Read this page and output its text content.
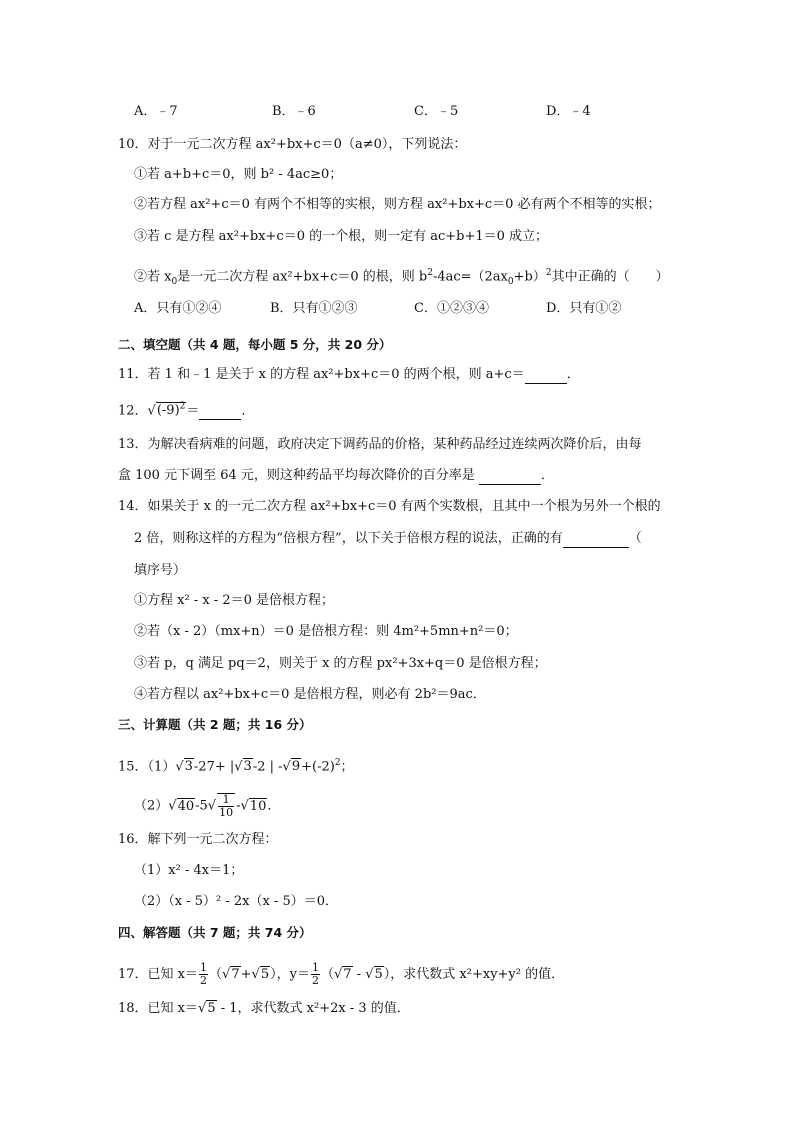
A．﹣7	B．﹣6	C．﹣5	D．﹣4
10．对于一元二次方程 ax²+bx+c＝0（a≠0），下列说法：
①若 a+b+c＝0，则 b² - 4ac≥0；
②若方程 ax²+c＝0 有两个不相等的实根，则方程 ax²+bx+c＝0 必有两个不相等的实根；
③若 c 是方程 ax²+bx+c＝0 的一个根，则一定有 ac+b+1＝0 成立；
②若 $x_0$是一元二次方程 ax²+bx+c＝0 的根，则 $b^2-4ac=(2ax_0+b)^2$其中正确的（　　）
A．只有①②④	B．只有①②③	C．①②③④	D．只有①②
二、填空题（共 4 题，每小题 5 分，共 20 分）
11．若 1 和﹣1 是关于 x 的方程 ax²+bx+c＝0 的两个根，则 a+c＝	．
12．$√(-9)^2=$	．
13．为解决看病难的问题，政府决定下调药品的价格，某种药品经过连续两次降价后，由每
盒 100 元下调至 64 元，则这种药品平均每次降价的百分率是	．
14．如果关于 x 的一元二次方程 ax²+bx+c＝0 有两个实数根，且其中一个根为另外一个根的
2 倍，则称这样的方程为“倍根方程”，以下关于倍根方程的说法，正确的有	（
填序号）
①方程 x² - x - 2＝0 是倍根方程；
②若（x - 2）（mx+n）＝0 是倍根方程：则 4m²+5mn+n²＝0；
③若 p，q 满足 pq＝2，则关于 x 的方程 px²+3x+q＝0 是倍根方程；
④若方程以 ax²+bx+c＝0 是倍根方程，则必有 2b²＝9ac．
三、计算题（共 2 题；共 16 分）
15．（1）√3-27+ |√3-2 | $-√9+(-2)^2$；
$(2)√40-5√ \frac{1}{10} -√10$．
16．解下列一元二次方程：
（1）x² - 4x＝1；
（2）（x - 5）² - 2x（x - 5）＝0．
四、解答题（共 7 题；共 74 分）
17．已知 $x= \frac{1}{2} (√7+√5)$，$y= \frac{1}{2} (√7 - √5)$，求代数式 x²+xy+y² 的值．
18．已知 x＝√5 - 1，求代数式 x²+2x - 3 的值．
